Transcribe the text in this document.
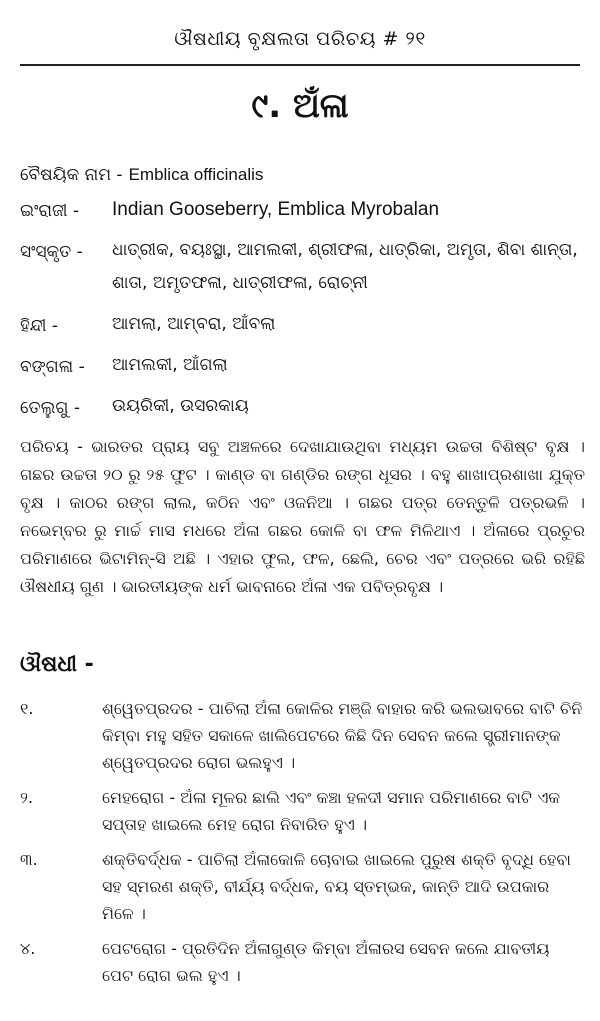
ଔଷଧୀୟ ବୃକ୍ଷଲତା ପରିଚୟ # ୨୧
୯. ଅଁଳା
ବୈଷୟିକ ନାମ - Emblica officinalis
ଇଂରାଜୀ -	Indian Gooseberry, Emblica Myrobalan
ସଂସ୍କୃତ -	ଧାତ୍ରୀକ, ବୟଃସ୍ଥା, ଆମଲକୀ, ଶ୍ରୀଫଳା, ଧାତ୍ରିକା, ଅମୃତା, ଶିବା ଶାନ୍ତା, ଶାତା, ଅମୃତଫଳା, ଧାତ୍ରୀଫଳା, ରୋଚ୍ନୀ
ହିନ୍ଦୀ -	ଆମଲା, ଆମ୍ବରା, ଆଁବଲା
ବଙ୍ଗଳା -	ଆମଲକୀ, ଆଁଗଲା
ତେଲୁଗୁ -	ଉୟରିକୀ, ଉସରକାୟ

ପରିଚୟ - ଭାରତର ପ୍ରାୟ ସବୁ ଅଞ୍ଚଳରେ ଦେଖାଯାଉଥିବା ମଧ୍ୟମ ଉଚ୍ଚତା ବିଶିଷ୍ଟ ବୃକ୍ଷ । ଗଛର ଉଚ୍ଚତା ୨୦ ରୁ ୨୫ ଫୁଟ । କାଣ୍ଡ ବା ଗଣ୍ଡିର ରଙ୍ଗ ଧୂସର । ବହୁ ଶାଖାପ୍ରଶାଖା ଯୁକ୍ତ ବୃକ୍ଷ । କାଠର ରଙ୍ଗ ଲାଲ, କଠିନ ଏବଂ ଓଜନିଆ । ଗଛର ପତ୍ର ତେନ୍ତୁଳି ପତ୍ରଭଳି । ନଭେମ୍ବର ରୁ ମାର୍ଚ୍ଚ ମାସ ମଧରେ ଅଁଳା ଗଛର କୋଳି ବା ଫଳ ମିଳିଥାଏ । ଅଁଳାରେ ପ୍ରଚୁର ପରିମାଣରେ ଭିଟାମିନ୍-ସି ଅଛି । ଏହାର ଫୁଲ, ଫଳ, ଛେଲି, ଚେର ଏବଂ ପତ୍ରରେ ଭରି ରହିଛି ଔଷଧୀୟ ଗୁଣ । ଭାରତୀୟଙ୍କ ଧର୍ମ ଭାବନାରେ ଅଁଳା ଏକ ପବିତ୍ରବୃକ୍ଷ ।

ଔଷଧୀ -
୧.	ଶ୍ୱେତପ୍ରଦର - ପାଚିଲା ଅଁଳା କୋଳିର ମଞ୍ଜି ବାହାର କରି ଭଲଭାବରେ ବାଟି ଚିନି କିମ୍ବା ମହୁ ସହିତ ସକାଳେ ଖାଲିପେଟରେ କିଛି ଦିନ ସେବନ କଲେ ସ୍ତ୍ରୀମାନଙ୍କ ଶ୍ୱେତପ୍ରଦର ରୋଗ ଭଲହୁଏ ।
୨.	ମେହରୋଗ - ଅଁଳା ମୂଳର ଛାଲି ଏବଂ କଞ୍ଚା ହଳଦୀ ସମାନ ପରିମାଣରେ ବାଟି ଏକ ସପ୍ତାହ ଖାଇଲେ ମେହ ରୋଗ ନିବାରିତ ହୁଏ ।
୩.	ଶକ୍ତିବର୍ଦ୍ଧକ - ପାଚିଲା ଅଁଳାକୋଳି ଚୋବାଇ ଖାଇଲେ ପୁରୁଷ ଶକ୍ତି ବୃଦ୍ଧି ହେବା ସହ ସ୍ମରଣ ଶକ୍ତି, ବୀର୍ଯ୍ୟ ବର୍ଦ୍ଧକ, ବୟ ସ୍ତମ୍ଭକ, କାନ୍ତି ଆଦି ଉପକାର ମିଳେ ।
୪.	ପେଟରୋଗ - ପ୍ରତିଦିନ ଅଁଳାଗୁଣ୍ଡ କିମ୍ବା ଅଁଳାରସ ସେବନ କଲେ ଯାବତୀୟ ପେଟ ରୋଗ ଭଲ ହୁଏ ।
